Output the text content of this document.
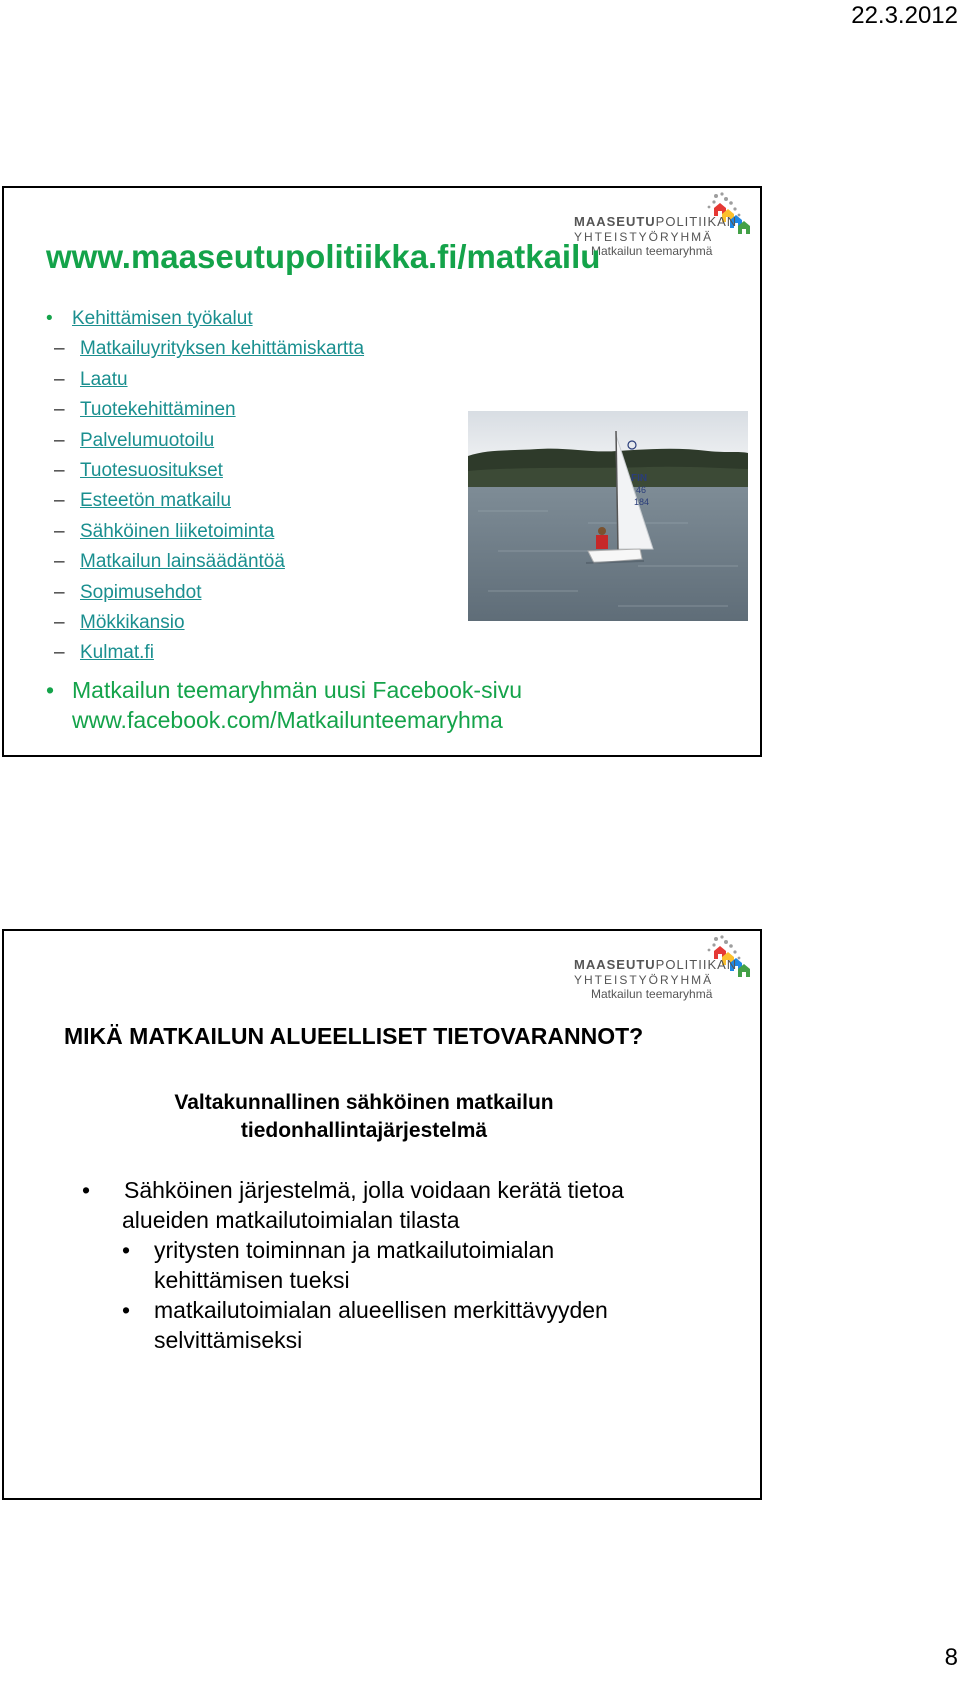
22.3.2012
MAASEUTUPOLITIIKAN
YHTEISTYÖRYHMÄ
Matkailun teemaryhmä
www.maaseutupolitiikka.fi/matkailu
• Kehittämisen työkalut
– Matkailuyrityksen kehittämiskartta
– Laatu
– Tuotekehittäminen
– Palvelumuotoilu
– Tuotesuositukset
– Esteetön matkailu
– Sähköinen liiketoiminta
– Matkailun lainsäädäntöä
– Sopimusehdot
– Mökkikansio
– Kulmat.fi
• Matkailun teemaryhmän uusi Facebook-sivu
www.facebook.com/Matkailunteemaryhma
FIN
46
184
MAASEUTUPOLITIIKAN
YHTEISTYÖRYHMÄ
Matkailun teemaryhmä
MIKÄ MATKAILUN ALUEELLISET TIETOVARANNOT?
Valtakunnallinen sähköinen matkailun
tiedonhallintajärjestelmä
• Sähköinen järjestelmä, jolla voidaan kerätä tietoa
alueiden matkailutoimialan tilasta
• yritysten toiminnan ja matkailutoimialan
kehittämisen tueksi
• matkailutoimialan alueellisen merkittävyyden
selvittämiseksi
8
